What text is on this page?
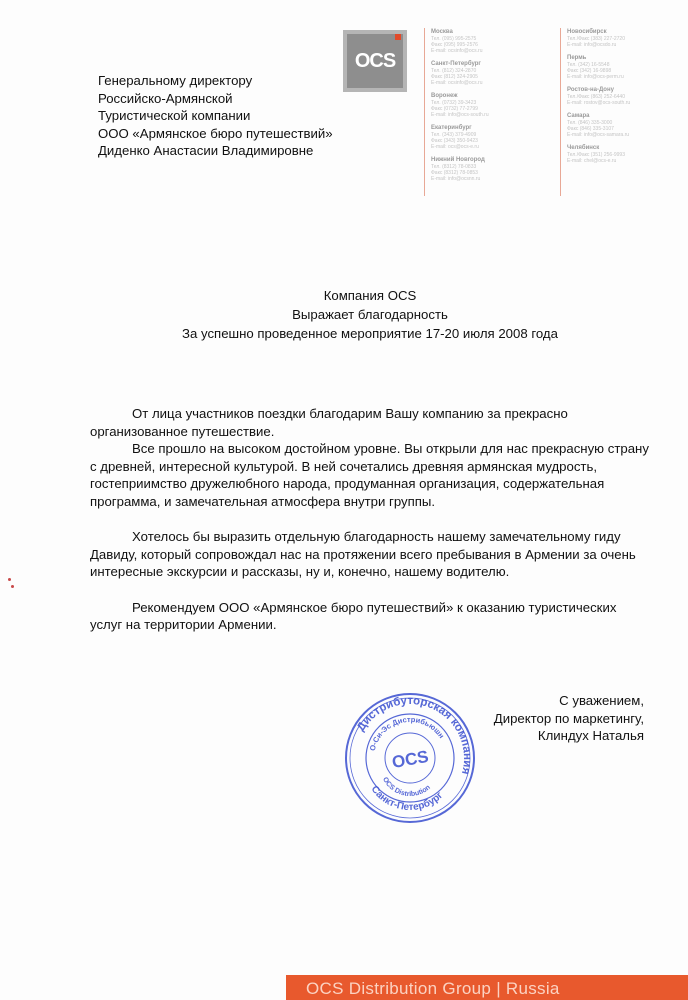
OCS
Москва
Тел. (095) 995-2575
Факс (095) 995-2576
E-mail: ocsinfo@ocs.ru
Санкт-Петербург
Тел. (812) 324-2870
Факс (812) 324-2905
E-mail: ocsinfo@ocs.ru
Воронеж
Тел. (0732) 39-3423
Факс (0732) 77-2799
E-mail: info@ocs-south.ru
Екатеринбург
Тел. (343) 379-4909
Факс (343) 350-9423
E-mail: ocs@ocs-e.ru
Нижний Новгород
Тел. (8312) 78-0833
Факс (8312) 78-0853
E-mail: info@ocsnn.ru
Новосибирск
Тел./Факс (383) 227-2720
E-mail: info@ocsdo.ru
Пермь
Тел. (342) 16-5548
Факс (342) 16-9898
E-mail: info@ocs-perm.ru
Ростов-на-Дону
Тел./Факс (863) 252-6440
E-mail: rostov@ocs-south.ru
Самара
Тел. (846) 335-3000
Факс (846) 335-3107
E-mail: info@ocs-samara.ru
Челябинск
Тел./Факс (351) 256-9993
E-mail: chel@ocs-e.ru
Генеральному директору
Российско-Армянской
Туристической компании
ООО «Армянское бюро путешествий»
Диденко Анастасии Владимировне
Компания OCS
Выражает благодарность
За успешно проведенное мероприятие 17-20 июля 2008 года

От лица участников поездки благодарим Вашу компанию за прекрасно организованное путешествие.

Все прошло на высоком достойном уровне. Вы открыли для нас прекрасную страну с древней, интересной культурой. В ней сочетались древняя армянская мудрость, гостеприимство дружелюбного народа, продуманная организация, содержательная программа, и замечательная атмосфера внутри группы.

Хотелось бы выразить отдельную благодарность нашему замечательному гиду Давиду, который сопровождал нас на протяжении всего пребывания в Армении за очень интересные экскурсии и рассказы, ну и, конечно, нашему водителю.

Рекомендуем ООО «Армянское бюро путешествий» к оказанию туристических услуг на территории Армении.

С уважением,
Директор по маркетингу,
Клиндух Наталья
Дистрибуторская компания
Санкт-Петербург
О-Си-Эс Дистрибьюшн
OCS Distribution
OCS
OCS Distribution Group | Russia
